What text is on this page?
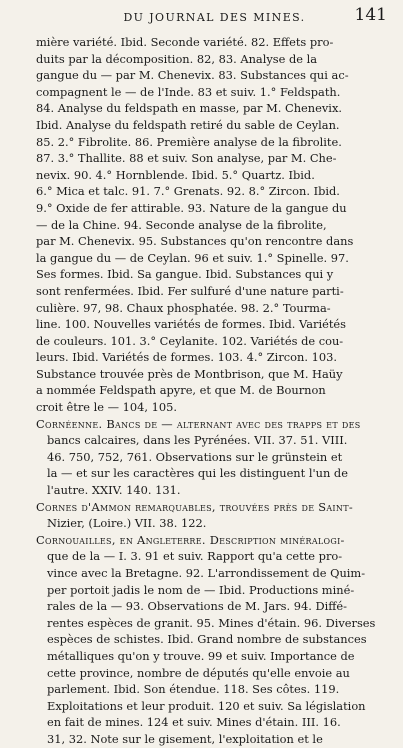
DU JOURNAL DES MINES.	141
mière variété. Ibid. Seconde variété. 82. Effets pro-
duits par la décomposition. 82, 83. Analyse de la
gangue du — par M. Chenevix. 83. Substances qui ac-
compagnent le — de l'Inde. 83 et suiv. 1.° Feldspath.
84. Analyse du feldspath en masse, par M. Chenevix.
Ibid. Analyse du feldspath retiré du sable de Ceylan.
85. 2.° Fibrolite. 86. Première analyse de la fibrolite.
87. 3.° Thallite. 88 et suiv. Son analyse, par M. Che-
nevix. 90. 4.° Hornblende. Ibid. 5.° Quartz. Ibid.
6.° Mica et talc. 91. 7.° Grenats. 92. 8.° Zircon. Ibid.
9.° Oxide de fer attirable. 93. Nature de la gangue du
— de la Chine. 94. Seconde analyse de la fibrolite,
par M. Chenevix. 95. Substances qu'on rencontre dans
la gangue du — de Ceylan. 96 et suiv. 1.° Spinelle. 97.
Ses formes. Ibid. Sa gangue. Ibid. Substances qui y
sont renfermées. Ibid. Fer sulfuré d'une nature parti-
culière. 97, 98. Chaux phosphatée. 98. 2.° Tourma-
line. 100. Nouvelles variétés de formes. Ibid. Variétés
de couleurs. 101. 3.° Ceylanite. 102. Variétés de cou-
leurs. Ibid. Variétés de formes. 103. 4.° Zircon. 103.
Substance trouvée près de Montbrison, que M. Haüy
a nommée Feldspath apyre, et que M. de Bournon
croit être le — 104, 105.
Cornéenne. Bancs de — alternant avec des trapps et des
bancs calcaires, dans les Pyrénées. VII. 37. 51. VIII.
46. 750, 752, 761. Observations sur le grünstein et
la — et sur les caractères qui les distinguent l'un de
l'autre. XXIV. 140. 131.
Cornes d'Ammon remarquables, trouvées près de Saint-
Nizier, (Loire.) VII. 38. 122.
Cornouailles, en Angleterre. Description minéralogi-
que de la — I. 3. 91 et suiv. Rapport qu'a cette pro-
vince avec la Bretagne. 92. L'arrondissement de Quim-
per portoit jadis le nom de — Ibid. Productions miné-
rales de la — 93. Observations de M. Jars. 94. Diffé-
rentes espèces de granit. 95. Mines d'étain. 96. Diverses
espèces de schistes. Ibid. Grand nombre de substances
métalliques qu'on y trouve. 99 et suiv. Importance de
cette province, nombre de députés qu'elle envoie au
parlement. Ibid. Son étendue. 118. Ses côtes. 119.
Exploitations et leur produit. 120 et suiv. Sa législation
en fait de mines. 124 et suiv. Mines d'étain. III. 16.
31, 32. Note sur le gisement, l'exploitation et le
